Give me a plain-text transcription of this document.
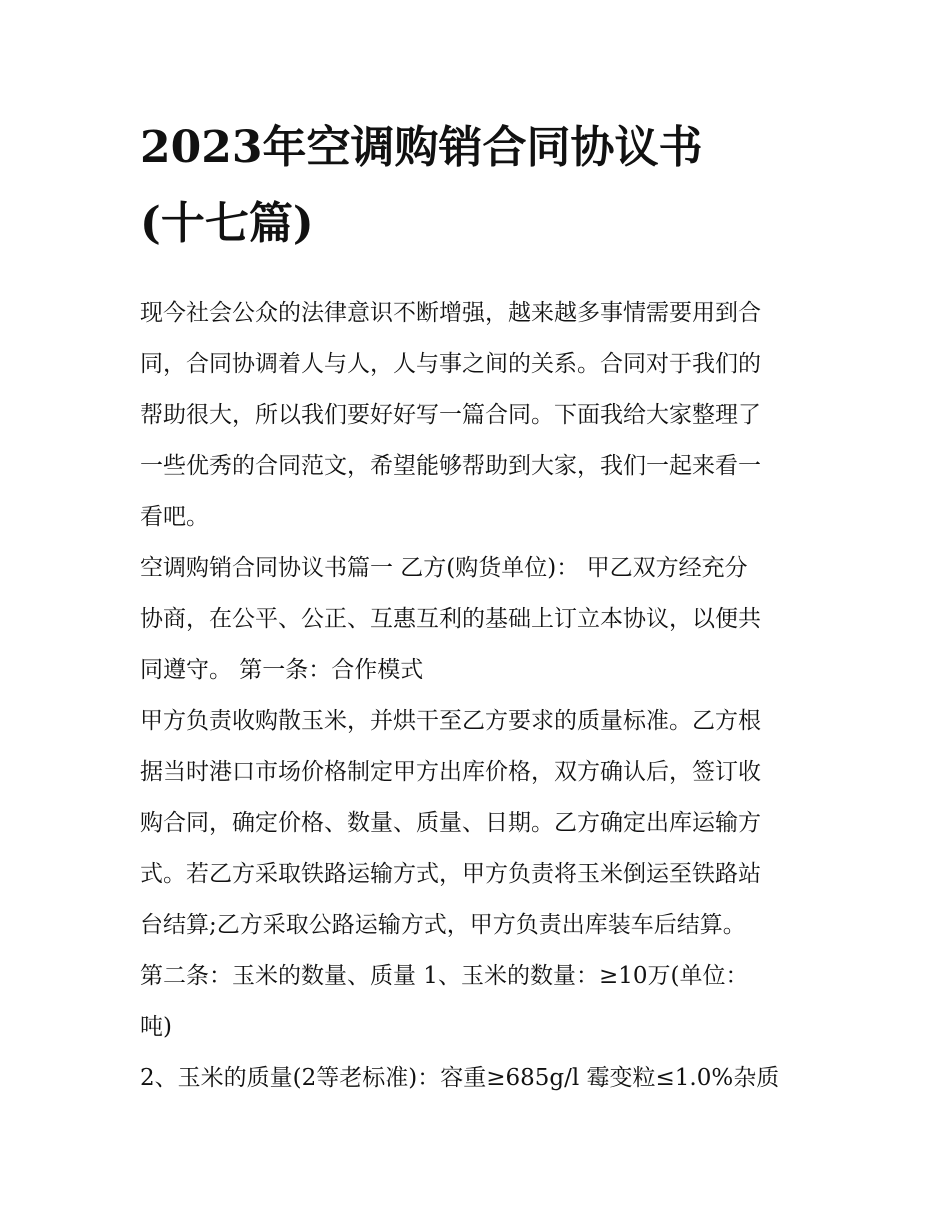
2023年空调购销合同协议书
(十七篇)
现今社会公众的法律意识不断增强，越来越多事情需要用到合
同，合同协调着人与人，人与事之间的关系。合同对于我们的
帮助很大，所以我们要好好写一篇合同。下面我给大家整理了
一些优秀的合同范文，希望能够帮助到大家，我们一起来看一
看吧。
空调购销合同协议书篇一 乙方(购货单位)： 甲乙双方经充分
协商，在公平、公正、互惠互利的基础上订立本协议，以便共
同遵守。 第一条：合作模式
甲方负责收购散玉米，并烘干至乙方要求的质量标准。乙方根
据当时港口市场价格制定甲方出库价格，双方确认后，签订收
购合同，确定价格、数量、质量、日期。乙方确定出库运输方
式。若乙方采取铁路运输方式，甲方负责将玉米倒运至铁路站
台结算;乙方采取公路运输方式，甲方负责出库装车后结算。
第二条：玉米的数量、质量 1、玉米的数量：≥10万(单位：
吨)
2、玉米的质量(2等老标准)：容重≥685g/l 霉变粒≤1.0%杂质
